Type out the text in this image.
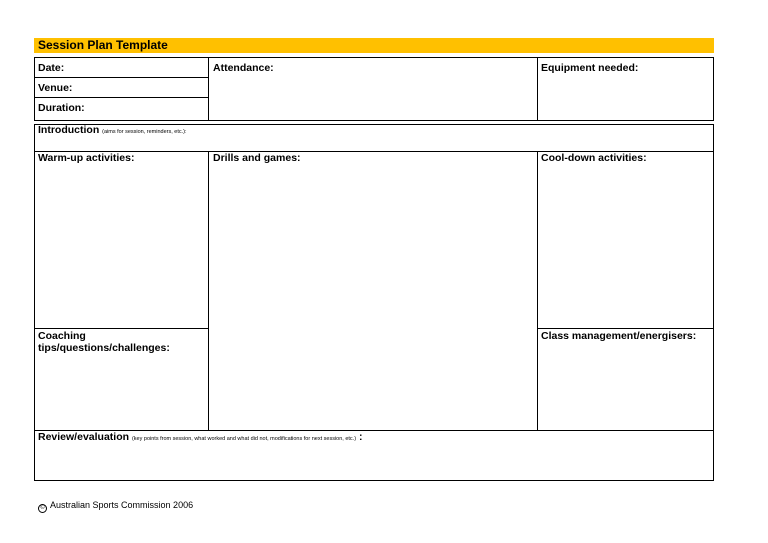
Session Plan Template
Date:
Venue:
Duration:
Attendance:	Equipment needed:
Introduction (aims for session, reminders, etc.):
Warm-up activities:	Drills and games:	Cool-down activities:
Coaching
tips/questions/challenges:
Class management/energisers:
Review/evaluation (key points from session, what worked and what did not, modifications for next session, etc.) :
© Australian Sports Commission 2006
